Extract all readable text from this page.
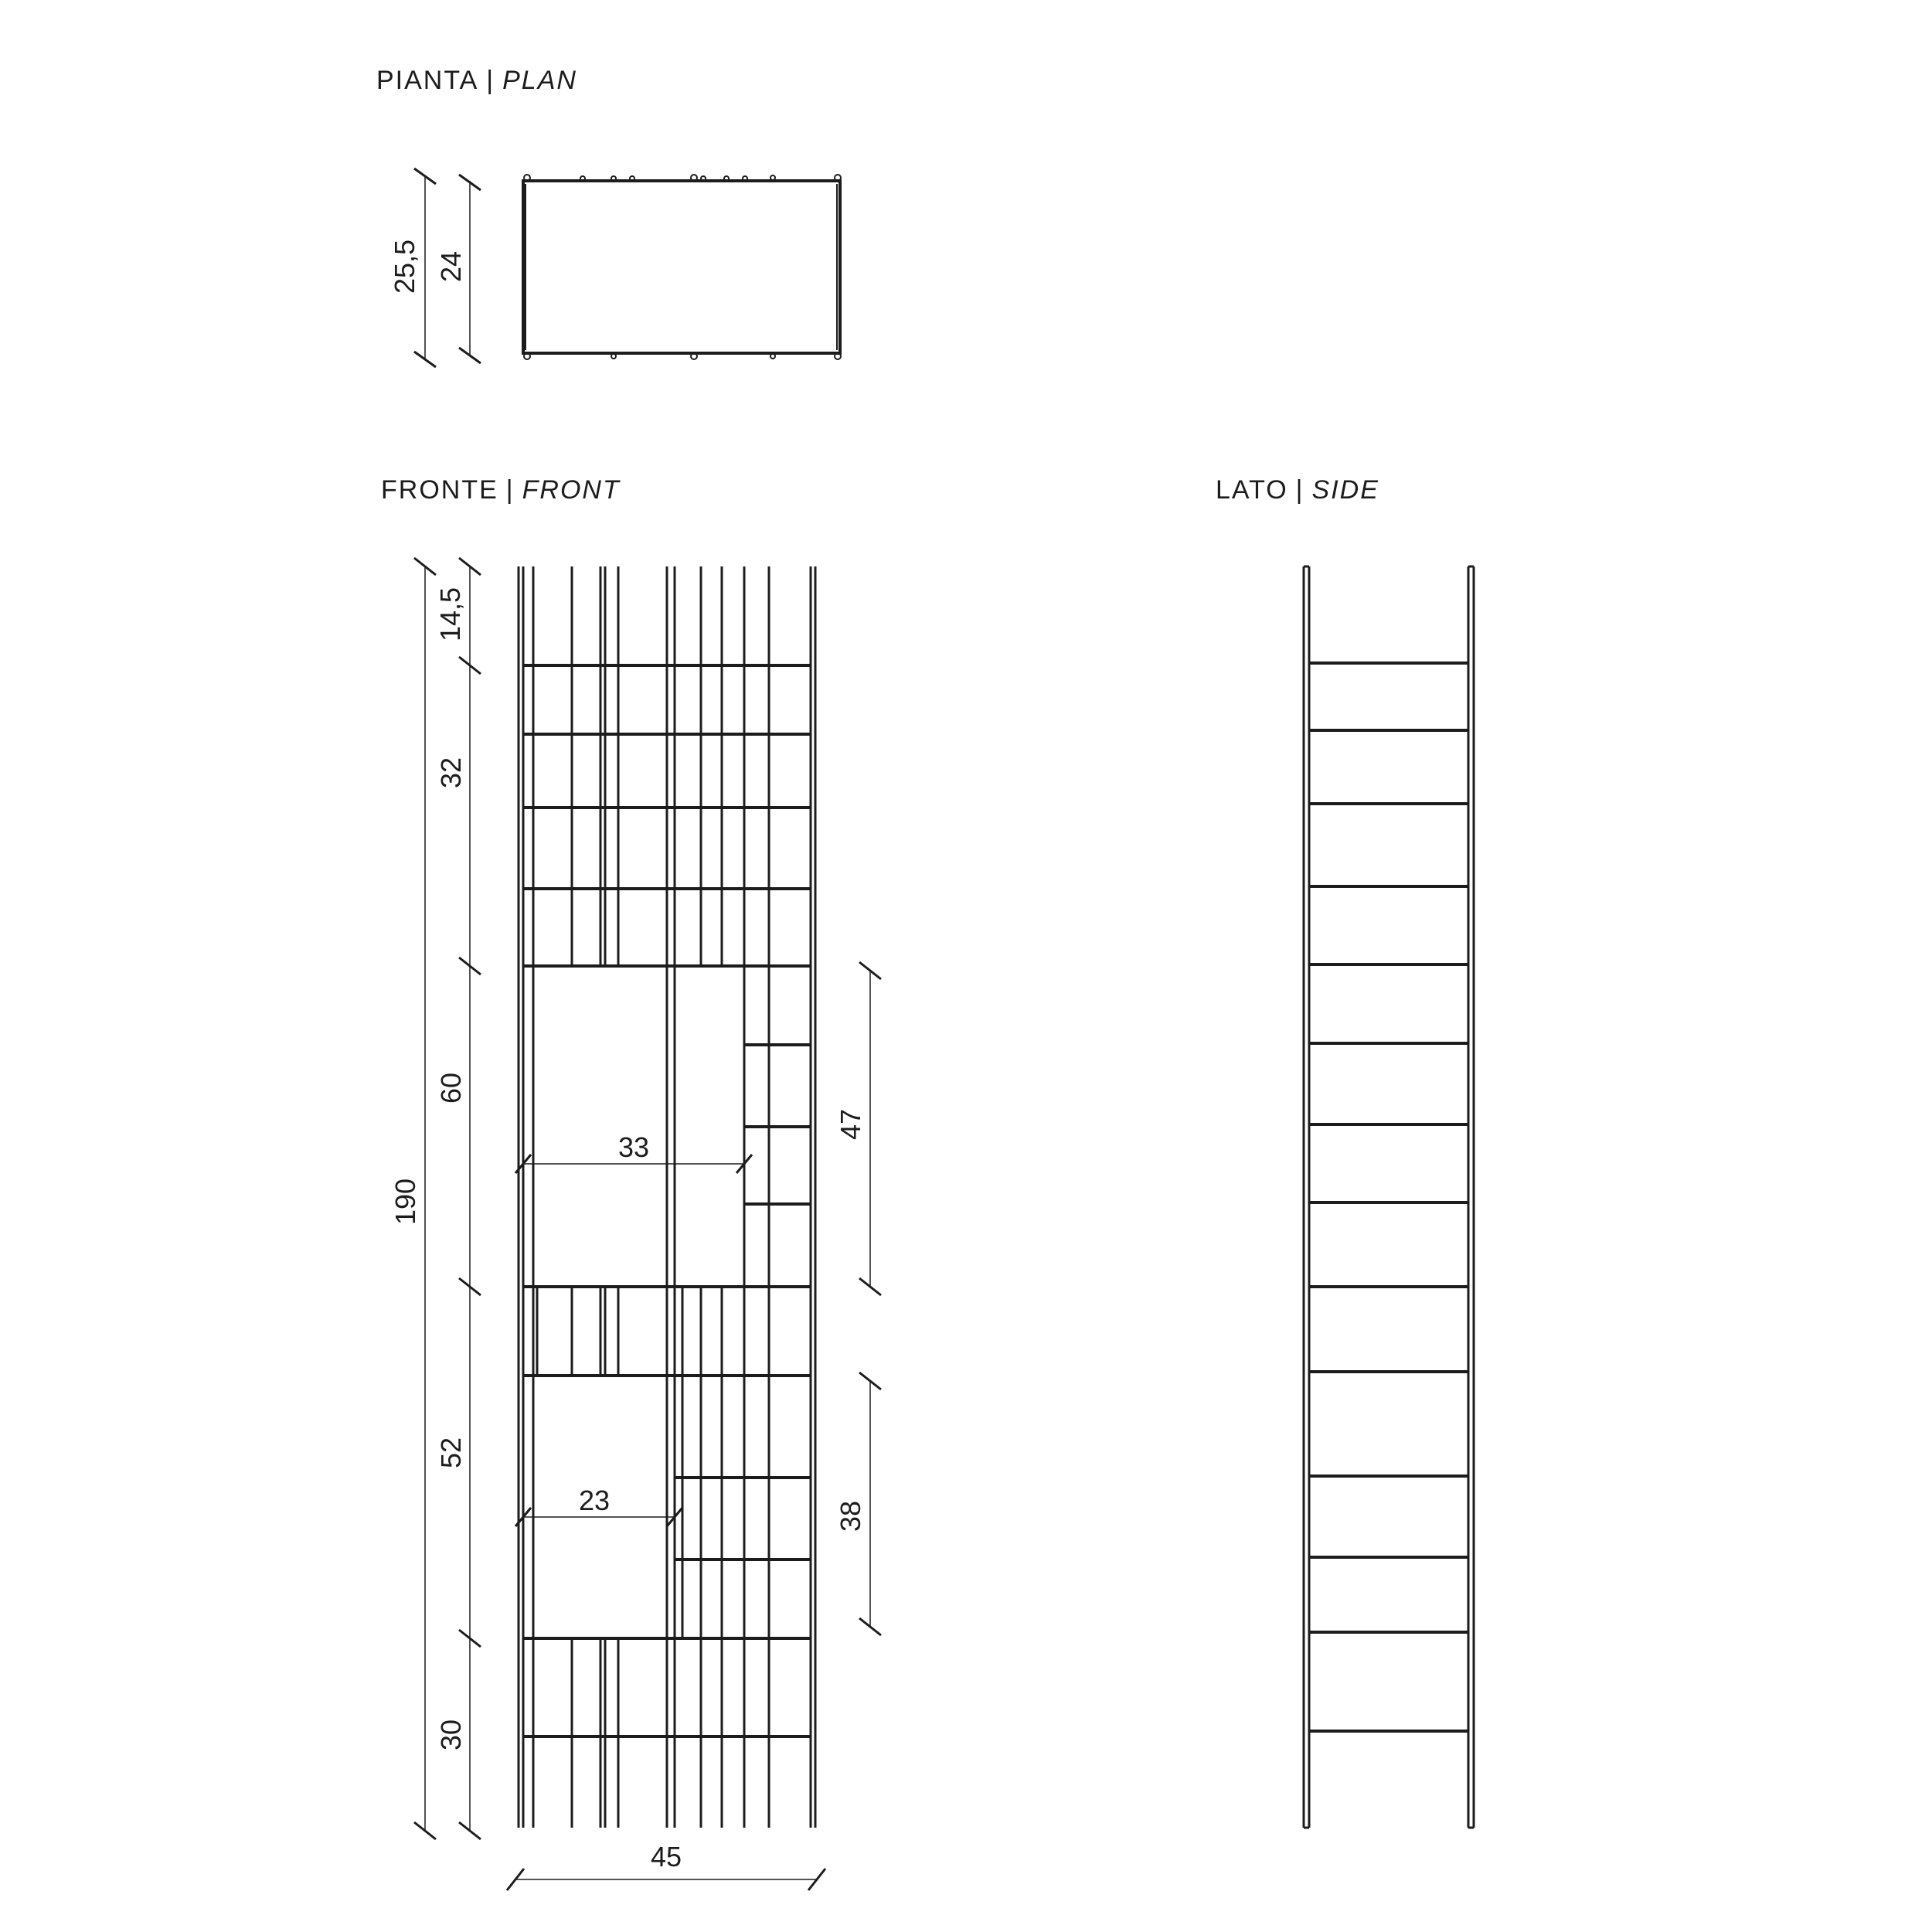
PIANTA | PLAN
FRONTE | FRONT	LATO | SIDE
25,5 24
14,5
32
60
52
30
190
33
23
47
38
45
